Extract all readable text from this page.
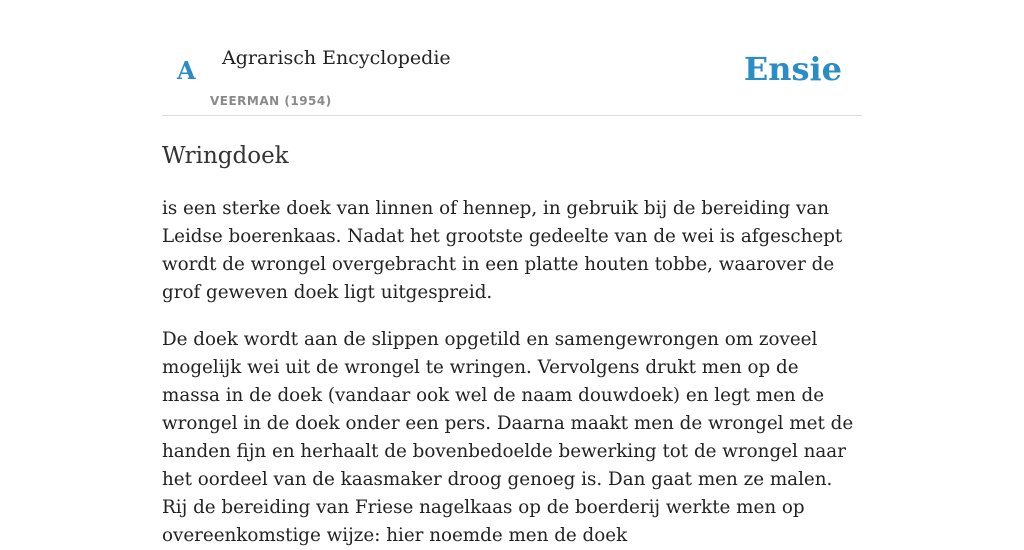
A Agrarisch Encyclopedie
VEERMAN (1954)
Ensie
Wringdoek

is een sterke doek van linnen of hennep, in gebruik bij de bereiding van Leidse boerenkaas. Nadat het grootste gedeelte van de wei is afgeschept wordt de wrongel overgebracht in een platte houten tobbe, waarover de grof geweven doek ligt uitgespreid.

De doek wordt aan de slippen opgetild en samengewrongen om zoveel mogelijk wei uit de wrongel te wringen. Vervolgens drukt men op de massa in de doek (vandaar ook wel de naam douwdoek) en legt men de wrongel in de doek onder een pers. Daarna maakt men de wrongel met de handen fijn en herhaalt de bovenbedoelde bewerking tot de wrongel naar het oordeel van de kaasmaker droog genoeg is. Dan gaat men ze malen. Rij de bereiding van Friese nagelkaas op de boerderij werkte men op overeenkomstige wijze: hier noemde men de doek
